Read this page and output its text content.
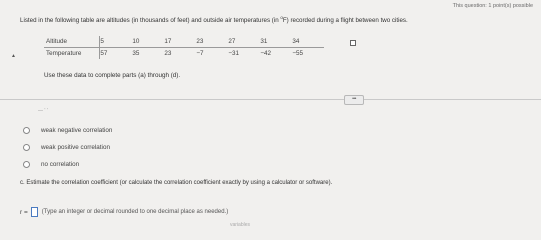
This question: 1 point(s) possible
Listed in the following table are altitudes (in thousands of feet) and outside air temperatures (in $^o$F) recorded during a flight between two cities.
Altitude	5	10	17	23	27	31	34
Temperature	57	35	23	−7	−31	−42	−55
▲
Use these data to complete parts (a) through (d).
•••
— ‘ ‘
weak negative correlation
weak positive correlation
no correlation
c. Estimate the correlation coefficient (or calculate the correlation coefficient exactly by using a calculator or software).
r = (Type an integer or decimal rounded to one decimal place as needed.)
variables
